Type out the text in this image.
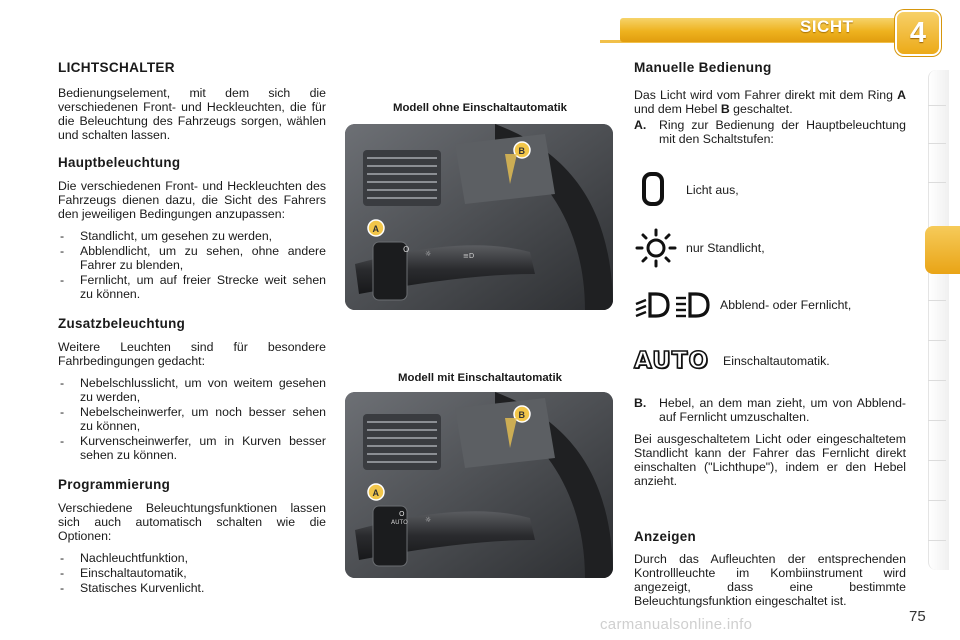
SICHT	4
LICHTSCHALTER

Bedienungselement, mit dem sich die verschiedenen Front- und Heckleuchten, die für die Beleuchtung des Fahrzeugs sorgen, wählen und schalten lassen.

Hauptbeleuchtung

Die verschiedenen Front- und Heckleuchten des Fahrzeugs dienen dazu, die Sicht des Fahrers den jeweiligen Bedingungen anzupassen:

- Standlicht, um gesehen zu werden,
- Abblendlicht, um zu sehen, ohne andere Fahrer zu blenden,
- Fernlicht, um auf freier Strecke weit sehen zu können.
Zusatzbeleuchtung

Weitere Leuchten sind für besondere Fahrbedingungen gedacht:

- Nebelschlusslicht, um von weitem gesehen zu werden,
- Nebelscheinwerfer, um noch besser sehen zu können,
- Kurvenscheinwerfer, um in Kurven besser sehen zu können.
Programmierung

Verschiedene Beleuchtungsfunktionen lassen sich auch automatisch schalten wie die Optionen:

- Nachleuchtfunktion,
- Einschaltautomatik,
- Statisches Kurvenlicht.
Modell ohne Einschaltautomatik
O ☼	≡D
A
B
Modell mit Einschaltautomatik
O
AUTO ☼
A
B
Manuelle Bedienung

Das Licht wird vom Fahrer direkt mit dem Ring A und dem Hebel B geschaltet.

A. Ring zur Bedienung der Hauptbeleuchtung mit den Schaltstufen:
Licht aus,
nur Standlicht,
Abblend- oder Fernlicht,
AUTO Einschaltautomatik.
B. Hebel, an dem man zieht, um von Abblend- auf Fernlicht umzuschalten.

Bei ausgeschaltetem Licht oder eingeschaltetem Standlicht kann der Fahrer das Fernlicht direkt einschalten ("Lichthupe"), indem er den Hebel anzieht.

Anzeigen

Durch das Aufleuchten der entsprechenden Kontrollleuchte im Kombiinstrument wird angezeigt, dass eine bestimmte Beleuchtungsfunktion eingeschaltet ist.

carmanualsonline.info	75
